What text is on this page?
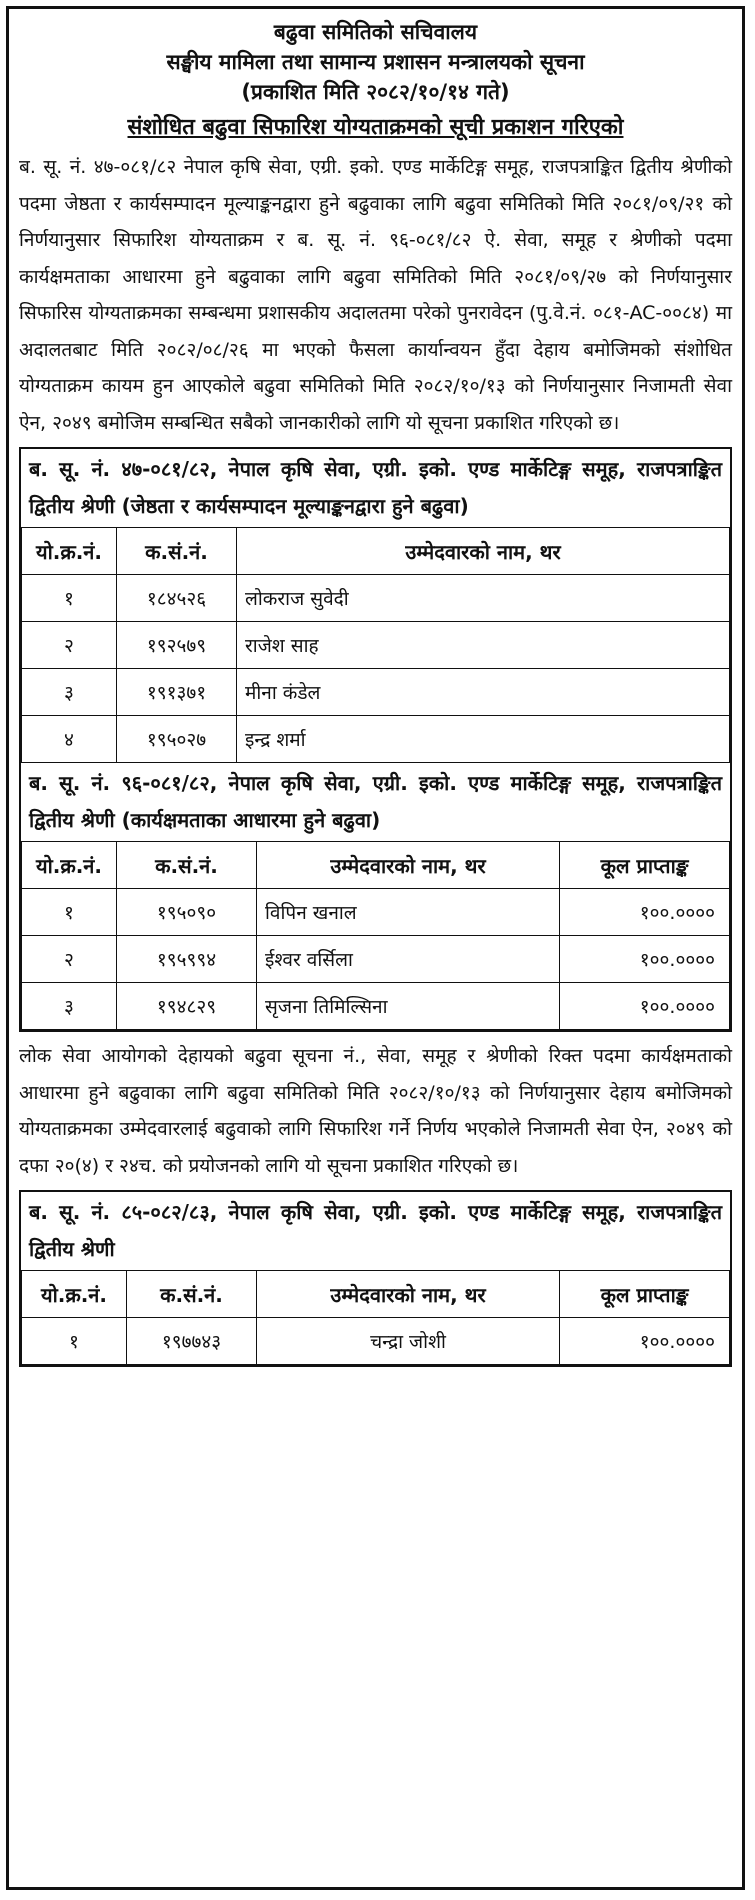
बढुवा समितिको सचिवालय
सङ्घीय मामिला तथा सामान्य प्रशासन मन्त्रालयको सूचना
(प्रकाशित मिति २०८२/१०/१४ गते)
संशोधित बढुवा सिफारिश योग्यताक्रमको सूची प्रकाशन गरिएको
ब. सू. नं. ४७-०८१/८२ नेपाल कृषि सेवा, एग्री. इको. एण्ड मार्केटिङ्ग समूह, राजपत्राङ्कित द्वितीय श्रेणीको पदमा जेष्ठता र कार्यसम्पादन मूल्याङ्कनद्वारा हुने बढुवाका लागि बढुवा समितिको मिति २०८१/०९/२१ को निर्णयानुसार सिफारिश योग्यताक्रम र ब. सू. नं. ९६-०८१/८२ ऐ. सेवा, समूह र श्रेणीको पदमा कार्यक्षमताका आधारमा हुने बढुवाका लागि बढुवा समितिको मिति २०८१/०९/२७ को निर्णयानुसार सिफारिस योग्यताक्रमका सम्बन्धमा प्रशासकीय अदालतमा परेको पुनरावेदन (पु.वे.नं. ०८१-AC-००८४) मा अदालतबाट मिति २०८२/०८/२६ मा भएको फैसला कार्यान्वयन हुँदा देहाय बमोजिमको संशोधित योग्यताक्रम कायम हुन आएकोले बढुवा समितिको मिति २०८२/१०/१३ को निर्णयानुसार निजामती सेवा ऐन, २०४९ बमोजिम सम्बन्धित सबैको जानकारीको लागि यो सूचना प्रकाशित गरिएको छ।
ब. सू. नं. ४७-०८१/८२, नेपाल कृषि सेवा, एग्री. इको. एण्ड मार्केटिङ्ग समूह, राजपत्राङ्कित द्वितीय श्रेणी (जेष्ठता र कार्यसम्पादन मूल्याङ्कनद्वारा हुने बढुवा)
यो.क्र.नं.	क.सं.नं.	उम्मेदवारको नाम, थर
१	१८४५२६	लोकराज सुवेदी
२	१९२५७९	राजेश साह
३	१९१३७१	मीना कंडेल
४	१९५०२७	इन्द्र शर्मा
ब. सू. नं. ९६-०८१/८२, नेपाल कृषि सेवा, एग्री. इको. एण्ड मार्केटिङ्ग समूह, राजपत्राङ्कित द्वितीय श्रेणी (कार्यक्षमताका आधारमा हुने बढुवा)
यो.क्र.नं.	क.सं.नं.	उम्मेदवारको नाम, थर	कूल प्राप्ताङ्क
१	१९५०९०	विपिन खनाल	१००.००००
२	१९५९९४	ईश्वर वर्सिला	१००.००००
३	१९४८२९	सृजना तिमिल्सिना	१००.००००
लोक सेवा आयोगको देहायको बढुवा सूचना नं., सेवा, समूह र श्रेणीको रिक्त पदमा कार्यक्षमताको आधारमा हुने बढुवाका लागि बढुवा समितिको मिति २०८२/१०/१३ को निर्णयानुसार देहाय बमोजिमको योग्यताक्रमका उम्मेदवारलाई बढुवाको लागि सिफारिश गर्ने निर्णय भएकोले निजामती सेवा ऐन, २०४९ को दफा २०(४) र २४च. को प्रयोजनको लागि यो सूचना प्रकाशित गरिएको छ।
ब. सू. नं. ८५-०८२/८३, नेपाल कृषि सेवा, एग्री. इको. एण्ड मार्केटिङ्ग समूह, राजपत्राङ्कित द्वितीय श्रेणी
यो.क्र.नं.	क.सं.नं.	उम्मेदवारको नाम, थर	कूल प्राप्ताङ्क
१	१९७७४३	चन्द्रा जोशी	१००.००००
